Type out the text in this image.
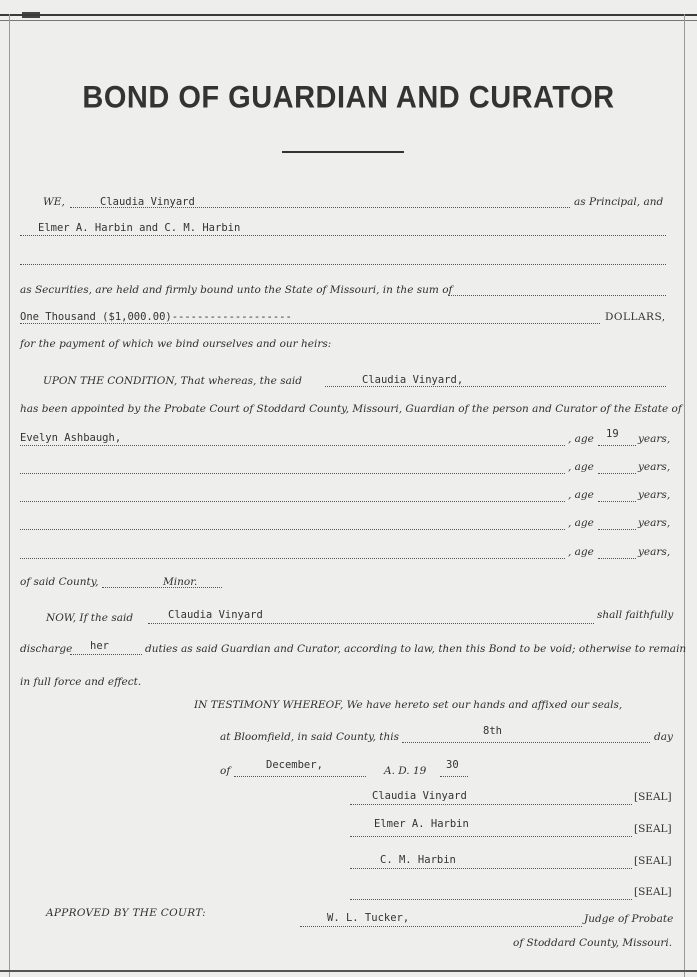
BOND OF GUARDIAN AND CURATOR
WE,	Claudia Vinyard	as Principal, and
Elmer A. Harbin and C. M. Harbin
as Securities, are held and firmly bound unto the State of Missouri, in the sum of
One Thousand ($1,000.00)-------------------	DOLLARS,
for the payment of which we bind ourselves and our heirs:
UPON THE CONDITION, That whereas, the said	Claudia Vinyard,
has been appointed by the Probate Court of Stoddard County, Missouri, Guardian of the person and Curator of the Estate of
Evelyn Ashbaugh,	, age 19 years,
, age	years,
, age	years,
, age	years,
, age	years,
of said County,	Minor.
NOW, If the said	Claudia Vinyard	shall faithfully
discharge her	duties as said Guardian and Curator, according to law, then this Bond to be void; otherwise to remain
in full force and effect.
IN TESTIMONY WHEREOF, We have hereto set our hands and affixed our seals,
at Bloomfield, in said County, this	8th	day
of	December,	A. D. 19 30
Claudia Vinyard	[SEAL]
Elmer A. Harbin	[SEAL]
C. M. Harbin	[SEAL]
[SEAL]
APPROVED BY THE COURT:	W. L. Tucker,	Judge of Probate
of Stoddard County, Missouri.
